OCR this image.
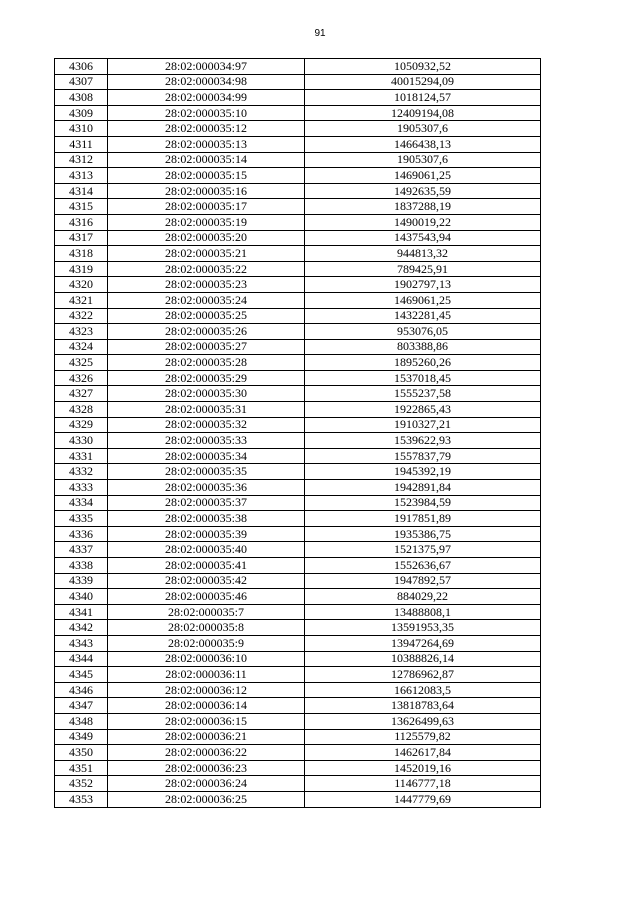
91
4306	28:02:000034:97	1050932,52
4307	28:02:000034:98	40015294,09
4308	28:02:000034:99	1018124,57
4309	28:02:000035:10	12409194,08
4310	28:02:000035:12	1905307,6
4311	28:02:000035:13	1466438,13
4312	28:02:000035:14	1905307,6
4313	28:02:000035:15	1469061,25
4314	28:02:000035:16	1492635,59
4315	28:02:000035:17	1837288,19
4316	28:02:000035:19	1490019,22
4317	28:02:000035:20	1437543,94
4318	28:02:000035:21	944813,32
4319	28:02:000035:22	789425,91
4320	28:02:000035:23	1902797,13
4321	28:02:000035:24	1469061,25
4322	28:02:000035:25	1432281,45
4323	28:02:000035:26	953076,05
4324	28:02:000035:27	803388,86
4325	28:02:000035:28	1895260,26
4326	28:02:000035:29	1537018,45
4327	28:02:000035:30	1555237,58
4328	28:02:000035:31	1922865,43
4329	28:02:000035:32	1910327,21
4330	28:02:000035:33	1539622,93
4331	28:02:000035:34	1557837,79
4332	28:02:000035:35	1945392,19
4333	28:02:000035:36	1942891,84
4334	28:02:000035:37	1523984,59
4335	28:02:000035:38	1917851,89
4336	28:02:000035:39	1935386,75
4337	28:02:000035:40	1521375,97
4338	28:02:000035:41	1552636,67
4339	28:02:000035:42	1947892,57
4340	28:02:000035:46	884029,22
4341	28:02:000035:7	13488808,1
4342	28:02:000035:8	13591953,35
4343	28:02:000035:9	13947264,69
4344	28:02:000036:10	10388826,14
4345	28:02:000036:11	12786962,87
4346	28:02:000036:12	16612083,5
4347	28:02:000036:14	13818783,64
4348	28:02:000036:15	13626499,63
4349	28:02:000036:21	1125579,82
4350	28:02:000036:22	1462617,84
4351	28:02:000036:23	1452019,16
4352	28:02:000036:24	1146777,18
4353	28:02:000036:25	1447779,69
